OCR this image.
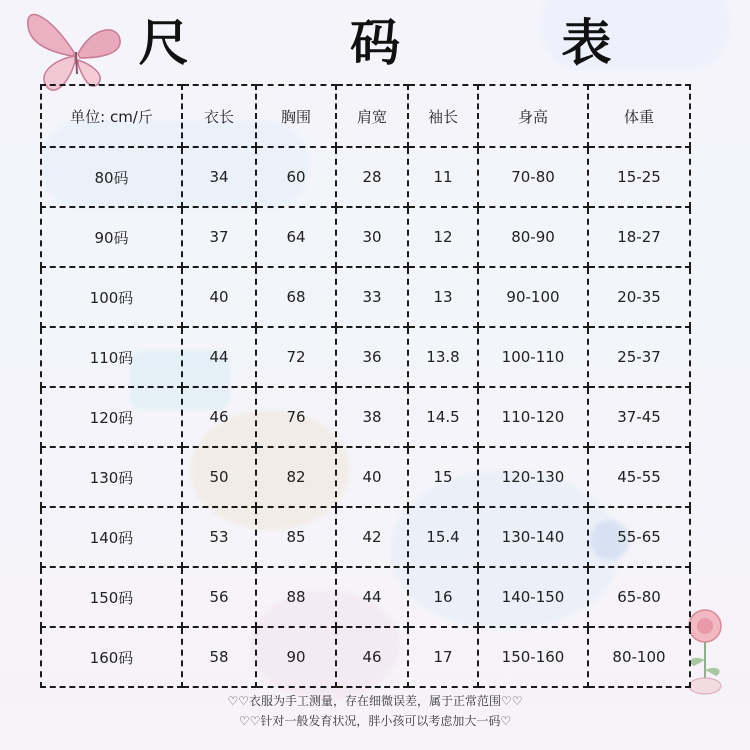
尺 码 表
单位: cm/斤	衣长	胸围	肩宽	袖长	身高	体重
80码	34	60	28	11	70-80	15-25
90码	37	64	30	12	80-90	18-27
100码	40	68	33	13	90-100	20-35
110码	44	72	36	13.8	100-110	25-37
120码	46	76	38	14.5	110-120	37-45
130码	50	82	40	15	120-130	45-55
140码	53	85	42	15.4	130-140	55-65
150码	56	88	44	16	140-150	65-80
160码	58	90	46	17	150-160	80-100
♡♡衣服为手工测量，存在细微误差，属于正常范围♡♡
♡♡针对一般发育状况，胖小孩可以考虑加大一码♡
